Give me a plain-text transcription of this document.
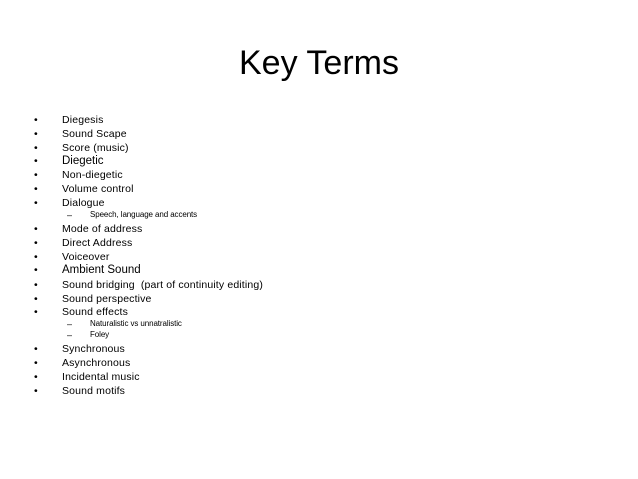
Key Terms
• Diegesis
• Sound Scape
• Score (music)
• Diegetic
• Non-diegetic
• Volume control
• Dialogue
– Speech, language and accents
• Mode of address
• Direct Address
• Voiceover
• Ambient Sound
• Sound bridging  (part of continuity editing)
• Sound perspective
• Sound effects
– Naturalistic vs unnatralistic
– Foley
• Synchronous
• Asynchronous
• Incidental music
• Sound motifs
